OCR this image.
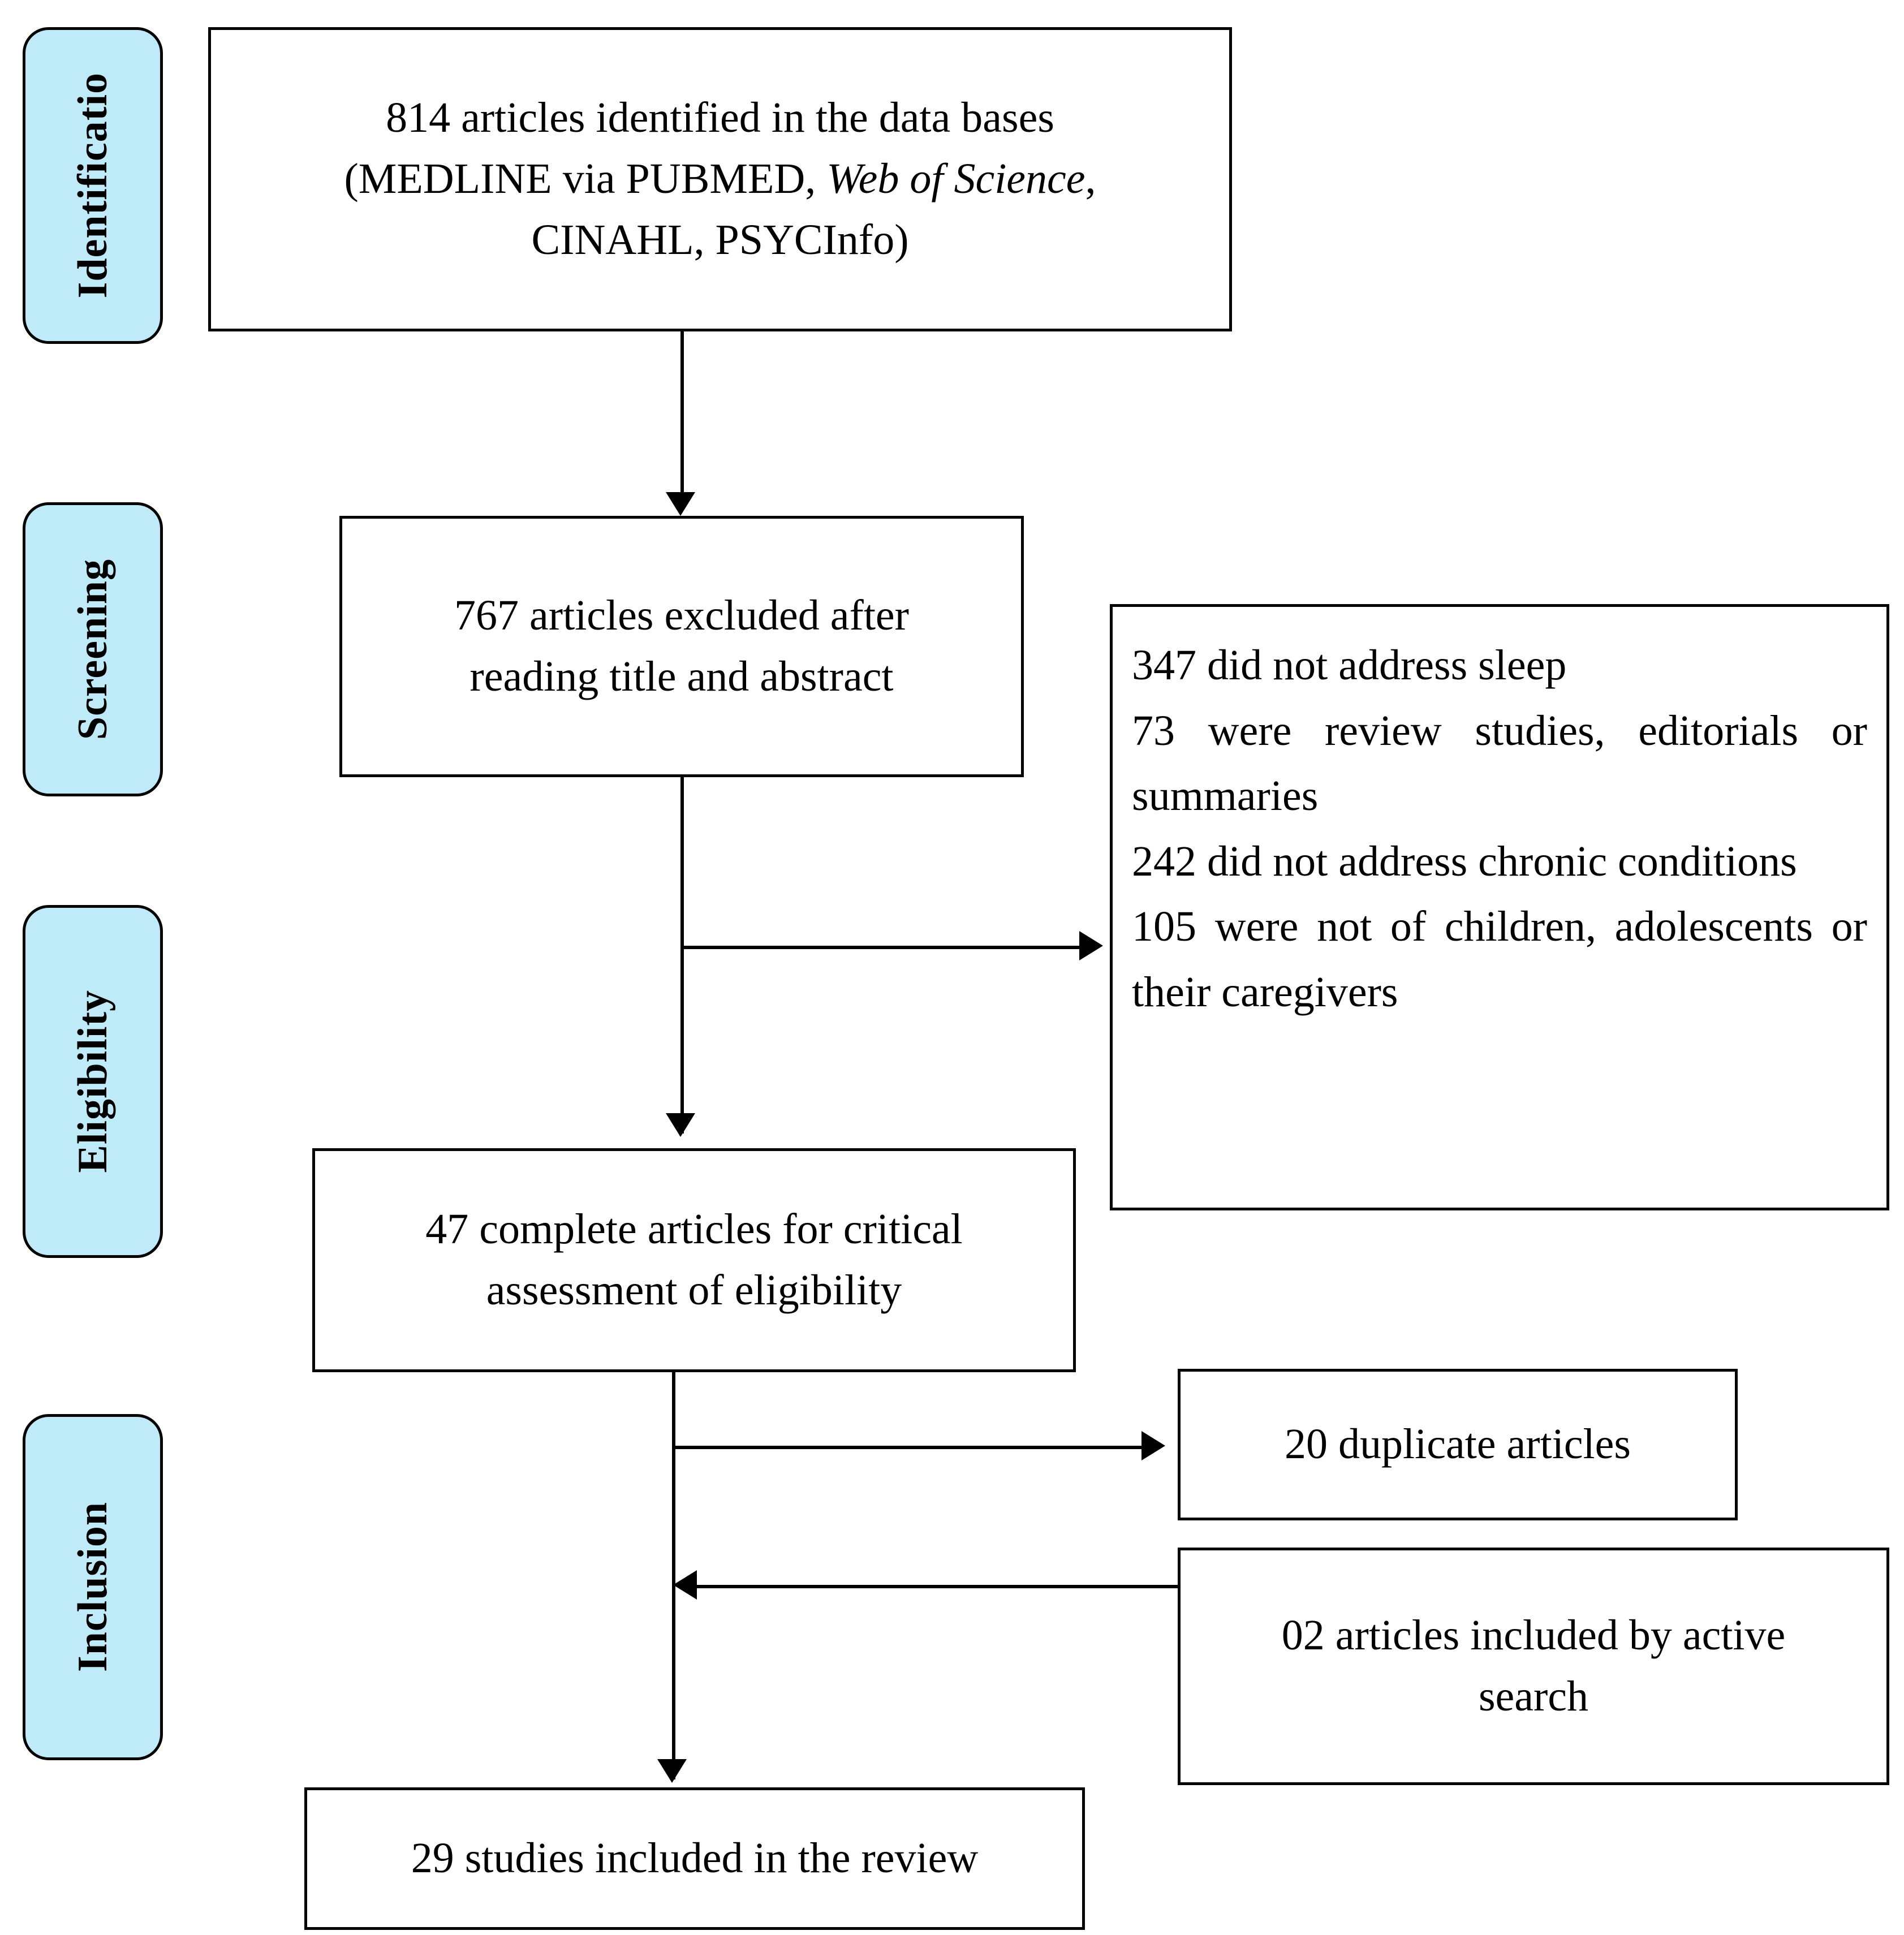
Identificatio
Screening
Eligibility
Inclusion
814 articles identified in the data bases
(MEDLINE via PUBMED, Web of Science,
CINAHL, PSYCInfo)
767 articles excluded after
reading title and abstract	347 did not address sleep
73 were review studies, editorials or summaries
242 did not address chronic conditions
105 were not of children, adolescents or their caregivers
47 complete articles for critical
assessment of eligibility
20 duplicate articles
02 articles included by active
search
29 studies included in the review
